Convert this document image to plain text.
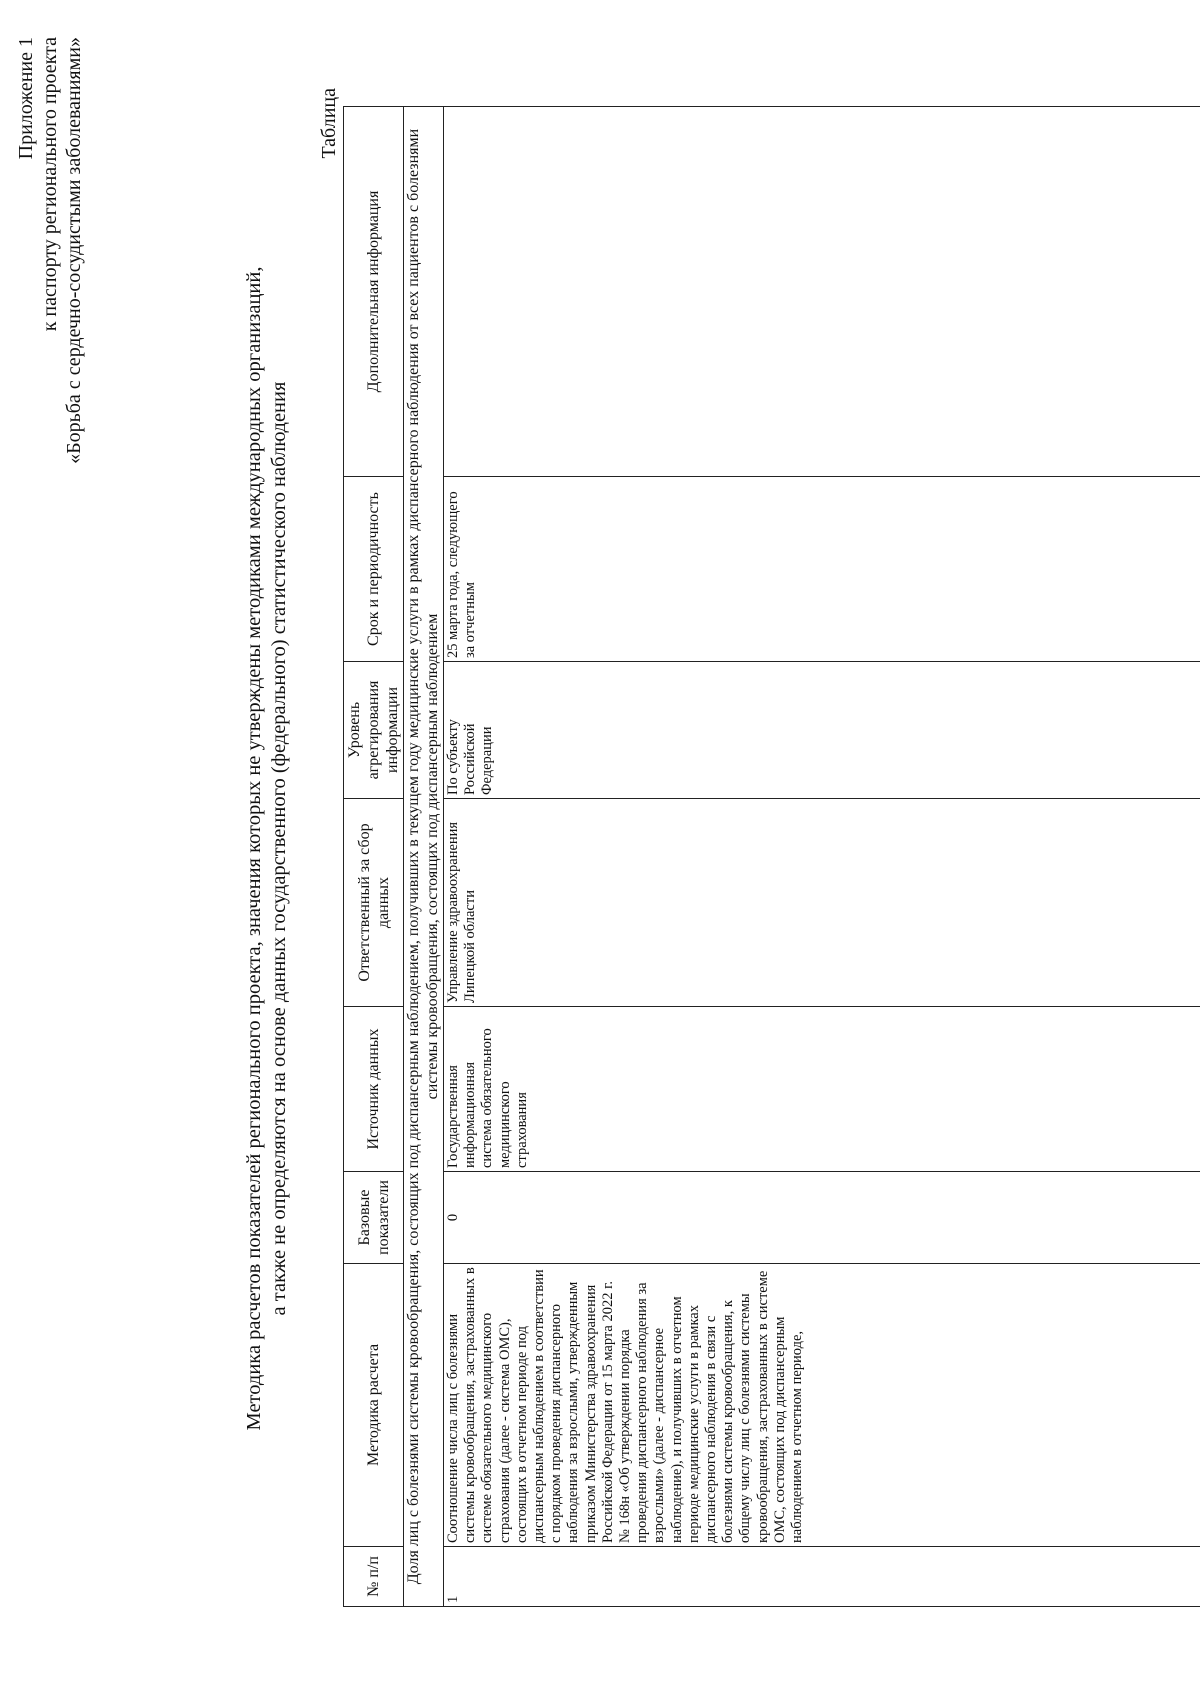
Приложение 1 к паспорту регионального проекта «Борьба с сердечно-сосудистыми заболеваниями»
Методика расчетов показателей регионального проекта, значения которых не утверждены методиками международных организаций, а также не определяются на основе данных государственного (федерального) статистического наблюдения
Таблица
№ п/п	Методика расчета	Базовые показатели	Источник данных	Ответственный за сбор данных	Уровень агрегирования информации	Срок и периодичность	Дополнительная информация
Доля лиц с болезнями системы кровообращения, состоящих под диспансерным наблюдением, получивших в текущем году медицинские услуги в рамках диспансерного наблюдения от всех пациентов с болезнями системы кровообращения, состоящих под диспансерным наблюдением							
1	Соотношение числа лиц с болезнями системы кровообращения, застрахованных в системе обязательного медицинского страхования (далее - система ОМС), состоящих в отчетном периоде под диспансерным наблюдением в соответствии с порядком проведения диспансерного наблюдения за взрослыми, утвержденным приказом Министерства здравоохранения Российской Федерации от 15 марта 2022 г. № 168н «Об утверждении порядка проведения диспансерного наблюдения за взрослыми» (далее - диспансерное наблюдение), и получивших в отчетном периоде медицинские услуги в рамках диспансерного наблюдения в связи с болезнями системы кровообращения, к общему числу лиц с болезнями системы кровообращения, застрахованных в системе ОМС, состоящих под диспансерным наблюдением в отчетном периоде,	0	Государственная информационная система обязательного медицинского страхования	Управление здравоохранения Липецкой области	По субъекту Российской Федерации	25 марта года, следующего за отчетным	
